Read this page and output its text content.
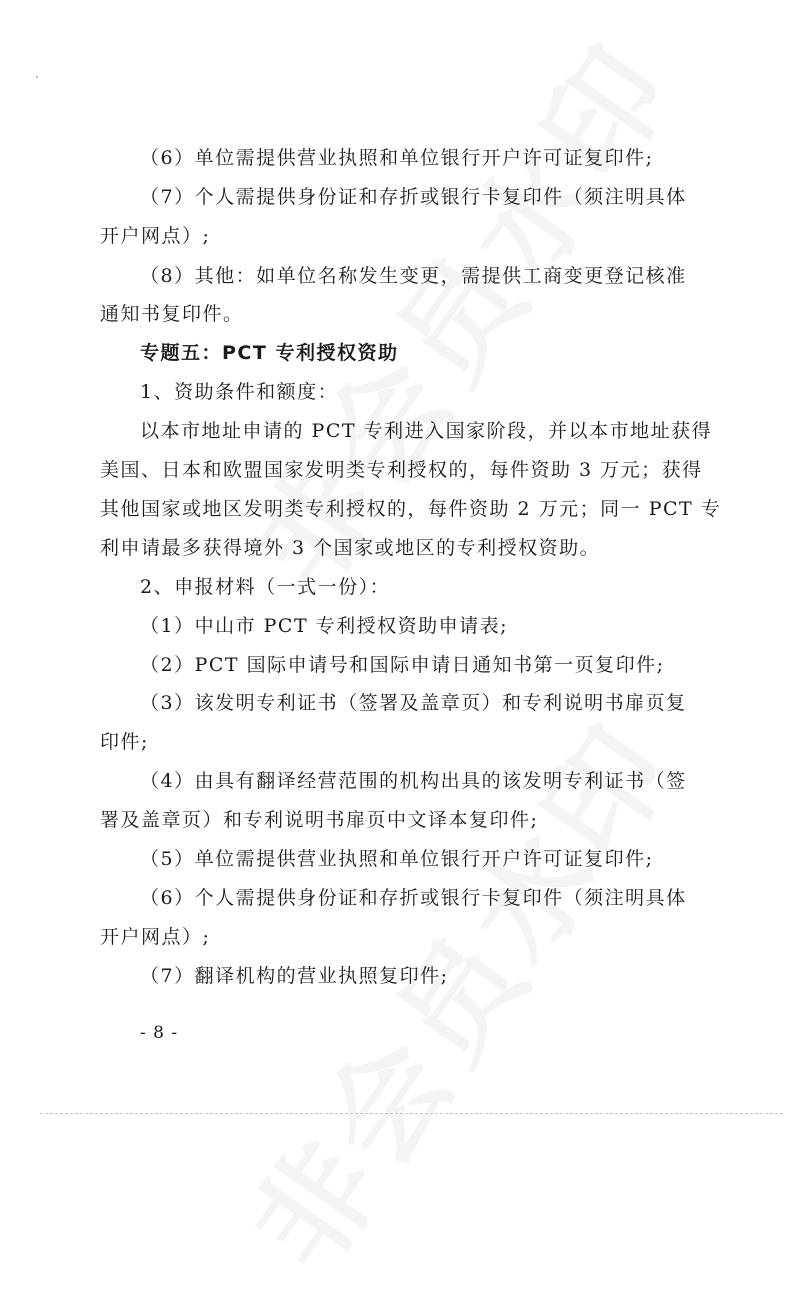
（6）单位需提供营业执照和单位银行开户许可证复印件;
（7）个人需提供身份证和存折或银行卡复印件（须注明具体
开户网点）;
（8）其他：如单位名称发生变更，需提供工商变更登记核准
通知书复印件。
专题五：PCT 专利授权资助
1、资助条件和额度：
以本市地址申请的 PCT 专利进入国家阶段，并以本市地址获得
美国、日本和欧盟国家发明类专利授权的，每件资助 3 万元；获得
其他国家或地区发明类专利授权的，每件资助 2 万元；同一 PCT 专
利申请最多获得境外 3 个国家或地区的专利授权资助。
2、申报材料（一式一份）：
（1）中山市 PCT 专利授权资助申请表;
（2）PCT 国际申请号和国际申请日通知书第一页复印件;
（3）该发明专利证书（签署及盖章页）和专利说明书扉页复
印件;
（4）由具有翻译经营范围的机构出具的该发明专利证书（签
署及盖章页）和专利说明书扉页中文译本复印件;
（5）单位需提供营业执照和单位银行开户许可证复印件;
（6）个人需提供身份证和存折或银行卡复印件（须注明具体
开户网点）;
（7）翻译机构的营业执照复印件;
- 8 -
